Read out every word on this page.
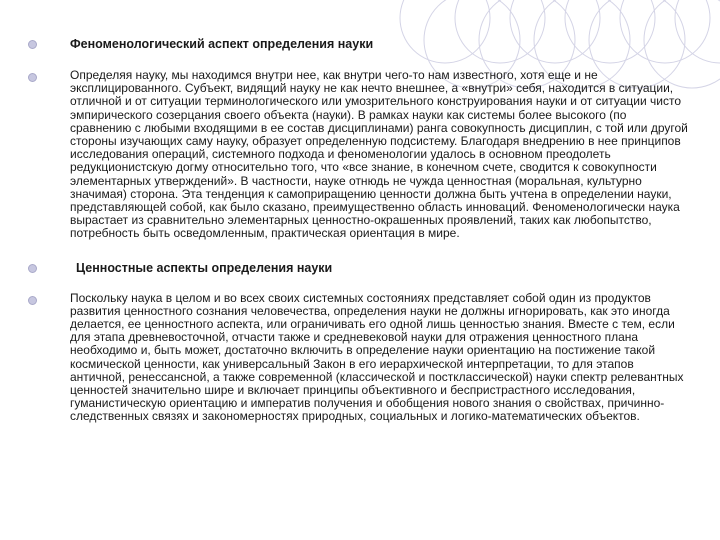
Феноменологический аспект определения науки
Определяя науку, мы находимся внутри нее, как внутри чего-то нам известного, хотя еще и не эксплицированного. Субъект, видящий науку не как нечто внешнее, а «внутри» себя, находится в ситуации, отличной и от ситуации терминологического или умозрительного конструирования науки и от ситуации чисто эмпирического созерцания своего объекта (науки). В рамках науки как системы более высокого (по сравнению с любыми входящими в ее состав дисциплинами) ранга совокупность дисциплин, с той или другой стороны изучающих саму науку, образует определенную подсистему. Благодаря внедрению в нее принципов исследования операций, системного подхода и феноменологии удалось в основном преодолеть редукционистскую догму относительно того, что «все знание, в конечном счете, сводится к совокупности элементарных утверждений». В частности, науке отнюдь не чужда ценностная (моральная, культурно значимая) сторона. Эта тенденция к самоприращению ценности должна быть учтена в определении науки, представляющей собой, как было сказано, преимущественно область инноваций. Феноменологически наука вырастает из сравнительно элементарных ценностно-окрашенных проявлений, таких как любопытство, потребность быть осведомленным, практическая ориентация в мире.
Ценностные аспекты определения науки
Поскольку наука в целом и во всех своих системных состояниях представляет собой один из продуктов развития ценностного сознания человечества, определения науки не должны игнорировать, как это иногда делается, ее ценностного аспекта, или ограничивать его одной лишь ценностью знания. Вместе с тем, если для этапа древневосточной, отчасти также и средневековой науки для отражения ценностного плана необходимо и, быть может, достаточно включить в определение науки ориентацию на постижение такой космической ценности, как универсальный Закон в его иерархической интерпретации, то для этапов античной, ренессансной, а также современной (классической и постклассической) науки спектр релевантных ценностей значительно шире и включает принципы объективного и беспристрастного исследования, гуманистическую ориентацию и императив получения и обобщения нового знания о свойствах, причинно-следственных связях и закономерностях природных, социальных и логико-математических объектов.
